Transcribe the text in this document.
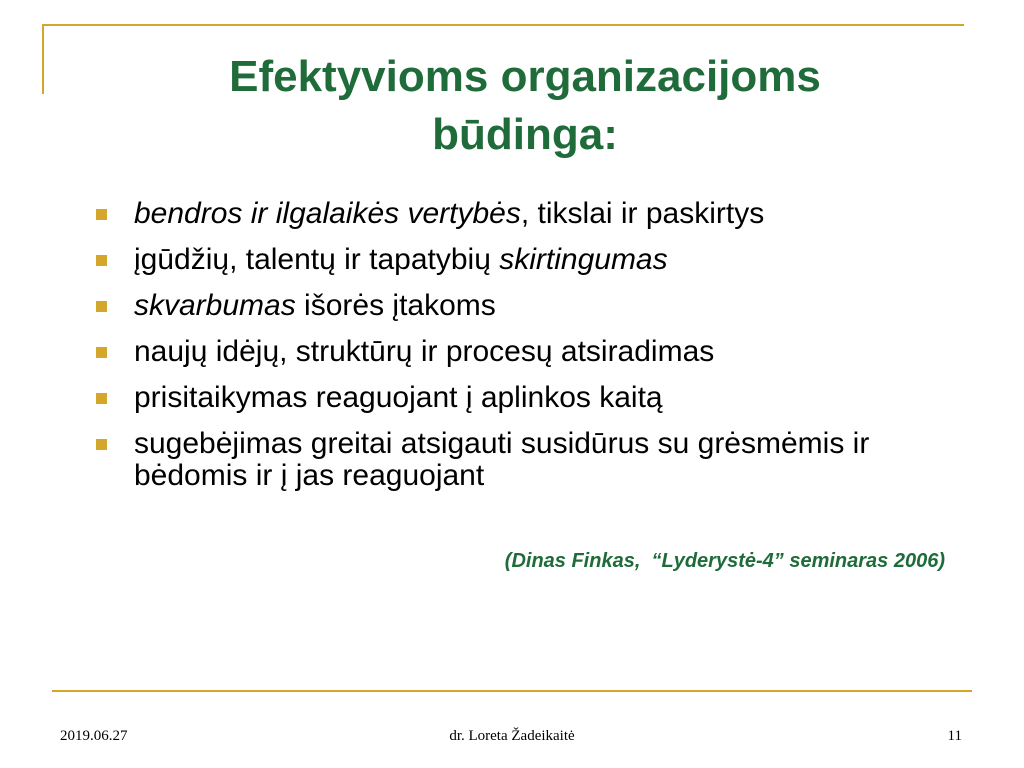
Efektyvioms organizacijoms
būdinga:
bendros ir ilgalaikės vertybės, tikslai ir paskirtys
įgūdžių, talentų ir tapatybių skirtingumas
skvarbumas išorės įtakoms
naujų idėjų, struktūrų ir procesų atsiradimas
prisitaikymas reaguojant į aplinkos kaitą
sugebėjimas greitai atsigauti susidūrus su grėsmėmis ir bėdomis ir į jas reaguojant
(Dinas Finkas,  “Lyderystė-4” seminaras 2006)
2019.06.27	dr. Loreta Žadeikaitė	11
